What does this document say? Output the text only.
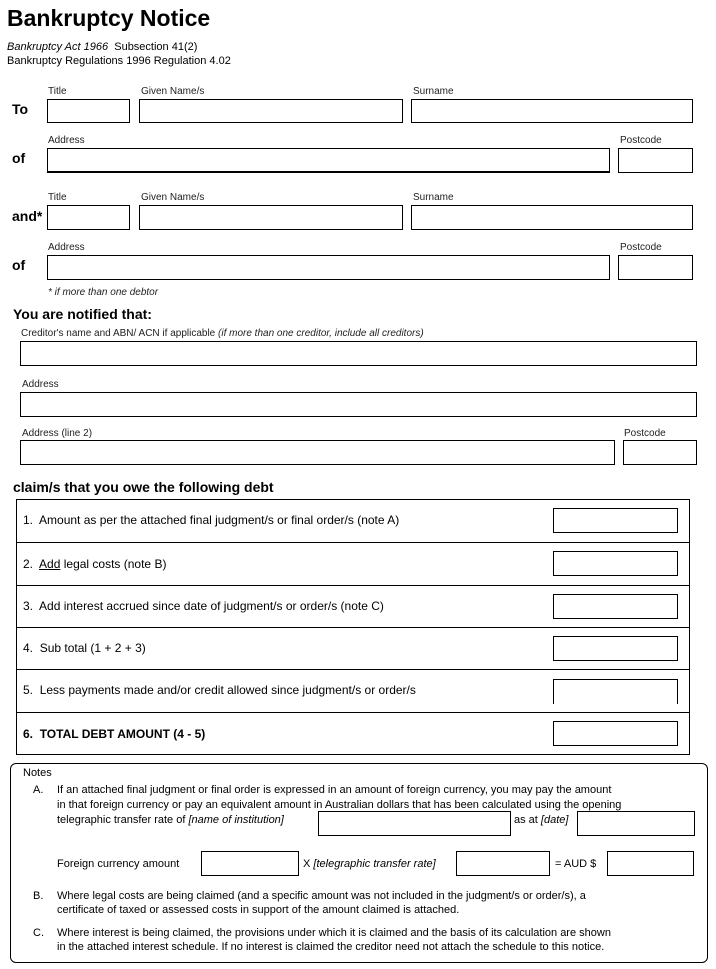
Bankruptcy Notice
Bankruptcy Act 1966 Subsection 41(2)
Bankruptcy Regulations 1996 Regulation 4.02
To
Title	Given Name/s	Surname
of
Address	Postcode
and*
Title	Given Name/s	Surname
of
Address	Postcode
* if more than one debtor
You are notified that:
Creditor's name and ABN/ ACN if applicable (if more than one creditor, include all creditors)
Address
Address (line 2)	Postcode
claim/s that you owe the following debt
1. Amount as per the attached final judgment/s or final order/s (note A)
2. Add legal costs (note B)
3. Add interest accrued since date of judgment/s or order/s (note C)
4. Sub total (1 + 2 + 3)
5. Less payments made and/or credit allowed since judgment/s or order/s
6. TOTAL DEBT AMOUNT (4 - 5)
Notes
A. If an attached final judgment or final order is expressed in an amount of foreign currency, you may pay the amount
in that foreign currency or pay an equivalent amount in Australian dollars that has been calculated using the opening
telegraphic transfer rate of [name of institution]	as at [date]
Foreign currency amount	X [telegraphic transfer rate]	= AUD $
B. Where legal costs are being claimed (and a specific amount was not included in the judgment/s or order/s), a
certificate of taxed or assessed costs in support of the amount claimed is attached.
C. Where interest is being claimed, the provisions under which it is claimed and the basis of its calculation are shown
in the attached interest schedule. If no interest is claimed the creditor need not attach the schedule to this notice.
